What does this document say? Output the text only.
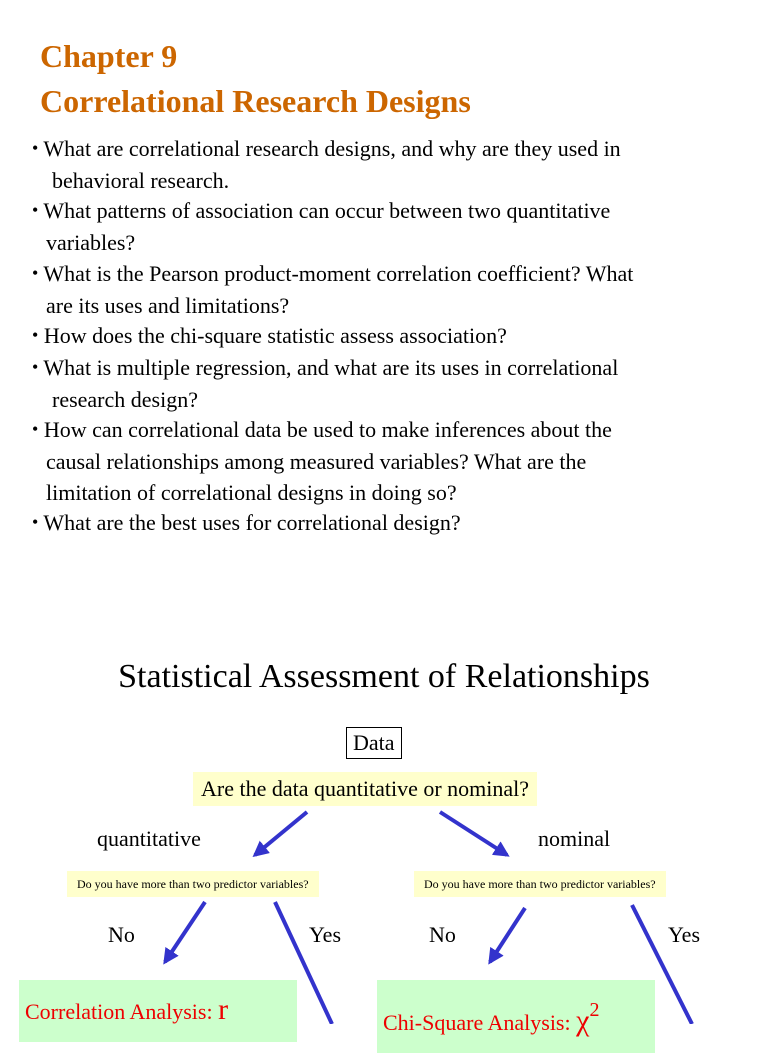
Chapter 9
Correlational Research Designs
• What are correlational research designs, and why are they used in
behavioral research.
• What patterns of association can occur between two quantitative
variables?
• What is the Pearson product-moment correlation coefficient? What
are its uses and limitations?
• How does the chi-square statistic assess association?
• What is multiple regression, and what are its uses in correlational
research design?
• How can correlational data be used to make inferences about the
causal relationships among measured variables? What are the
limitation of correlational designs in doing so?
• What are the best uses for correlational design?
Statistical Assessment of Relationships
Data
Are the data quantitative or nominal?
quantitative	nominal
Do you have more than two predictor variables?	Do you have more than two predictor variables?
No	Yes	No	Yes
Correlation Analysis: r	Chi-Square Analysis: $\chi^2$
